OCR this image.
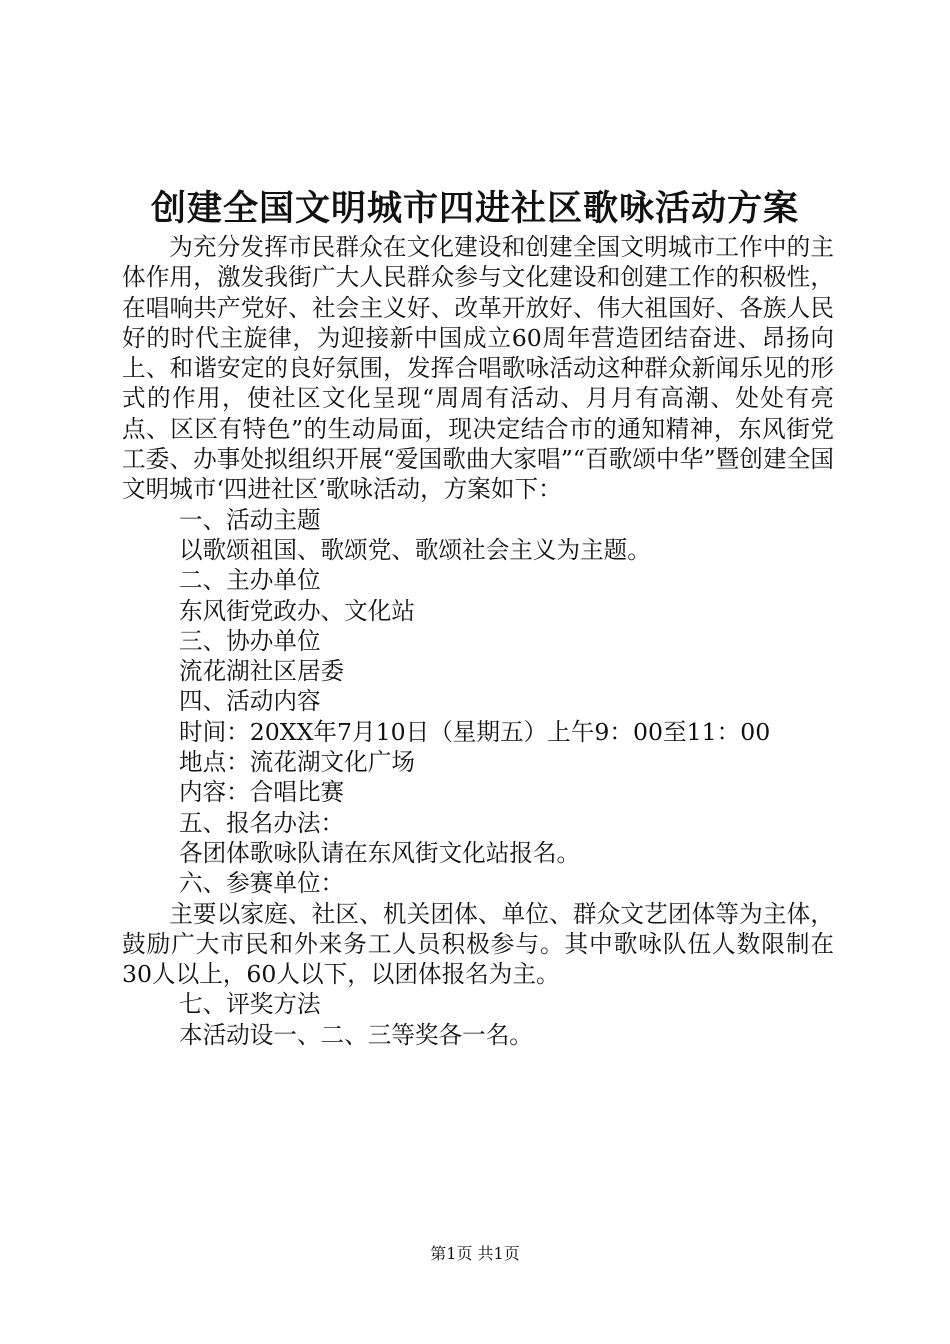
创建全国文明城市四进社区歌咏活动方案

为充分发挥市民群众在文化建设和创建全国文明城市工作中的主体作用，激发我街广大人民群众参与文化建设和创建工作的积极性，在唱响共产党好、社会主义好、改革开放好、伟大祖国好、各族人民好的时代主旋律，为迎接新中国成立60周年营造团结奋进、昂扬向上、和谐安定的良好氛围，发挥合唱歌咏活动这种群众新闻乐见的形式的作用，使社区文化呈现“周周有活动、月月有高潮、处处有亮点、区区有特色”的生动局面，现决定结合市的通知精神，东风街党工委、办事处拟组织开展“爱国歌曲大家唱”“百歌颂中华”暨创建全国文明城市‘四进社区’歌咏活动，方案如下：

一、活动主题

以歌颂祖国、歌颂党、歌颂社会主义为主题。

二、主办单位

东风街党政办、文化站

三、协办单位

流花湖社区居委

四、活动内容

时间：20XX年7月10日（星期五）上午9：00至11：00

地点：流花湖文化广场

内容：合唱比赛

五、报名办法：

各团体歌咏队请在东风街文化站报名。

六、参赛单位：

主要以家庭、社区、机关团体、单位、群众文艺团体等为主体，鼓励广大市民和外来务工人员积极参与。其中歌咏队伍人数限制在30人以上，60人以下，以团体报名为主。

七、评奖方法

本活动设一、二、三等奖各一名。

第1页 共1页
